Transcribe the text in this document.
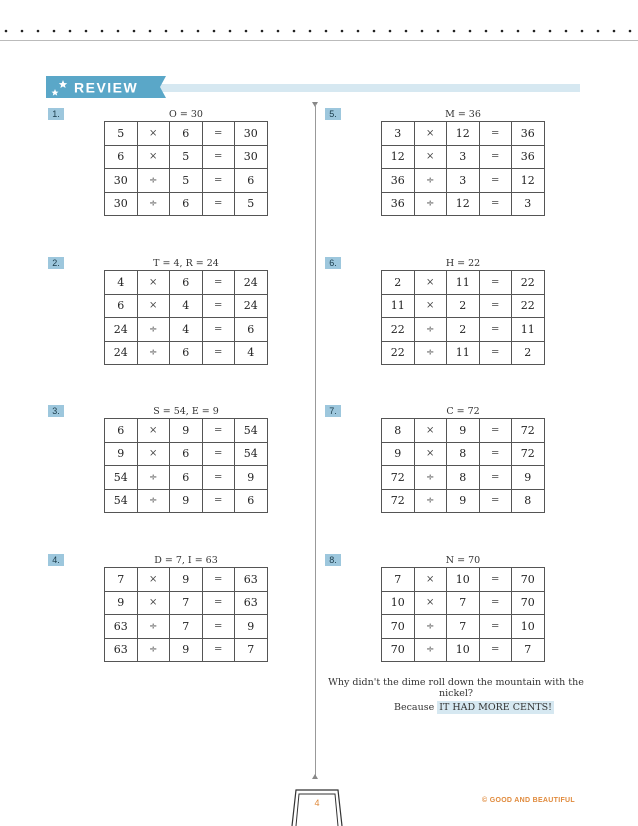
REVIEW
1.	O = 30
5	×	6	=	30
6	×	5	=	30
30	÷	5	=	6
30	÷	6	=	5
2.	T = 4, R = 24
4	×	6	=	24
6	×	4	=	24
24	÷	4	=	6
24	÷	6	=	4
3.	S = 54, E = 9
6	×	9	=	54
9	×	6	=	54
54	÷	6	=	9
54	÷	9	=	6
4.	D = 7, I = 63
7	×	9	=	63
9	×	7	=	63
63	÷	7	=	9
63	÷	9	=	7
5.	M = 36
3	×	12	=	36
12	×	3	=	36
36	÷	3	=	12
36	÷	12	=	3
6.	H = 22
2	×	11	=	22
11	×	2	=	22
22	÷	2	=	11
22	÷	11	=	2
7.	C = 72
8	×	9	=	72
9	×	8	=	72
72	÷	8	=	9
72	÷	9	=	8
8.	N = 70
7	×	10	=	70
10	×	7	=	70
70	÷	7	=	10
70	÷	10	=	7
Why didn't the dime roll down the mountain with the nickel?
Because IT HAD MORE CENTS!
4	© GOOD AND BEAUTIFUL
